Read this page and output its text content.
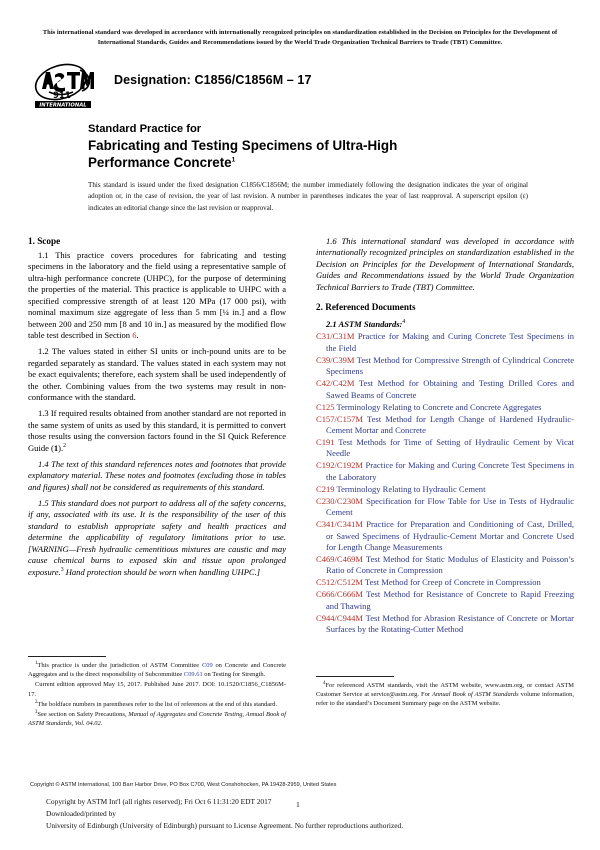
This international standard was developed in accordance with internationally recognized principles on standardization established in the Decision on Principles for the Development of International Standards, Guides and Recommendations issued by the World Trade Organization Technical Barriers to Trade (TBT) Committee.
911
INTERNATIONAL
Designation: C1856/C1856M – 17
Standard Practice for
Fabricating and Testing Specimens of Ultra-High
Performance Concrete$^1$
This standard is issued under the fixed designation C1856/C1856M; the number immediately following the designation indicates the year of original adoption or, in the case of revision, the year of last revision. A number in parentheses indicates the year of last reapproval. A superscript epsilon (ε) indicates an editorial change since the last revision or reapproval.
1. Scope

1.1 This practice covers procedures for fabricating and testing specimens in the laboratory and the field using a representative sample of ultra-high performance concrete (UHPC), for the purpose of determining the properties of the material. This practice is applicable to UHPC with a specified compressive strength of at least 120 MPa (17 000 psi), with nominal maximum size aggregate of less than 5 mm [¼ in.] and a flow between 200 and 250 mm [8 and 10 in.] as measured by the modified flow table test described in Section 6.

1.2 The values stated in either SI units or inch-pound units are to be regarded separately as standard. The values stated in each system may not be exact equivalents; therefore, each system shall be used independently of the other. Combining values from the two systems may result in non-conformance with the standard.

1.3 If required results obtained from another standard are not reported in the same system of units as used by this standard, it is permitted to convert those results using the conversion factors found in the SI Quick Reference Guide (1).$^2$

1.4 The text of this standard references notes and footnotes that provide explanatory material. These notes and footnotes (excluding those in tables and figures) shall not be considered as requirements of this standard.

1.5 This standard does not purport to address all of the safety concerns, if any, associated with its use. It is the responsibility of the user of this standard to establish appropriate safety and health practices and determine the applicability of regulatory limitations prior to use. [WARNING—Fresh hydraulic cementitious mixtures are caustic and may cause chemical burns to exposed skin and tissue upon prolonged exposure.$^3$ Hand protection should be worn when handling UHPC.]

1.6 This international standard was developed in accordance with internationally recognized principles on standardization established in the Decision on Principles for the Development of International Standards, Guides and Recommendations issued by the World Trade Organization Technical Barriers to Trade (TBT) Committee.

2. Referenced Documents
2.1 ASTM Standards:$^4$
C31/C31M Practice for Making and Curing Concrete Test Specimens in the Field
C39/C39M Test Method for Compressive Strength of Cylindrical Concrete Specimens
C42/C42M Test Method for Obtaining and Testing Drilled Cores and Sawed Beams of Concrete
C125 Terminology Relating to Concrete and Concrete Aggregates
C157/C157M Test Method for Length Change of Hardened Hydraulic-Cement Mortar and Concrete
C191 Test Methods for Time of Setting of Hydraulic Cement by Vicat Needle
C192/C192M Practice for Making and Curing Concrete Test Specimens in the Laboratory
C219 Terminology Relating to Hydraulic Cement
C230/C230M Specification for Flow Table for Use in Tests of Hydraulic Cement
C341/C341M Practice for Preparation and Conditioning of Cast, Drilled, or Sawed Specimens of Hydraulic-Cement Mortar and Concrete Used for Length Change Measurements
C469/C469M Test Method for Static Modulus of Elasticity and Poisson’s Ratio of Concrete in Compression
C512/C512M Test Method for Creep of Concrete in Compression
C666/C666M Test Method for Resistance of Concrete to Rapid Freezing and Thawing
C944/C944M Test Method for Abrasion Resistance of Concrete or Mortar Surfaces by the Rotating-Cutter Method

$^1$This practice is under the jurisdiction of ASTM Committee C09 on Concrete and Concrete Aggregates and is the direct responsibility of Subcommittee C09.61 on Testing for Strength.

Current edition approved May 15, 2017. Published June 2017. DOI: 10.1520/C1856_C1856M-17.

$^2$The boldface numbers in parentheses refer to the list of references at the end of this standard.

$^3$See section on Safety Precautions, Manual of Aggregates and Concrete Testing, Annual Book of ASTM Standards, Vol. 04.02.

$^4$For referenced ASTM standards, visit the ASTM website, www.astm.org, or contact ASTM Customer Service at service@astm.org. For Annual Book of ASTM Standards volume information, refer to the standard’s Document Summary page on the ASTM website.

Copyright © ASTM International, 100 Barr Harbor Drive, PO Box C700, West Conshohocken, PA 19428-2959, United States
Copyright by ASTM Int'l (all rights reserved); Fri Oct 6 11:31:20 EDT 2017
Downloaded/printed by
University of Edinburgh (University of Edinburgh) pursuant to License Agreement. No further reproductions authorized.
1
